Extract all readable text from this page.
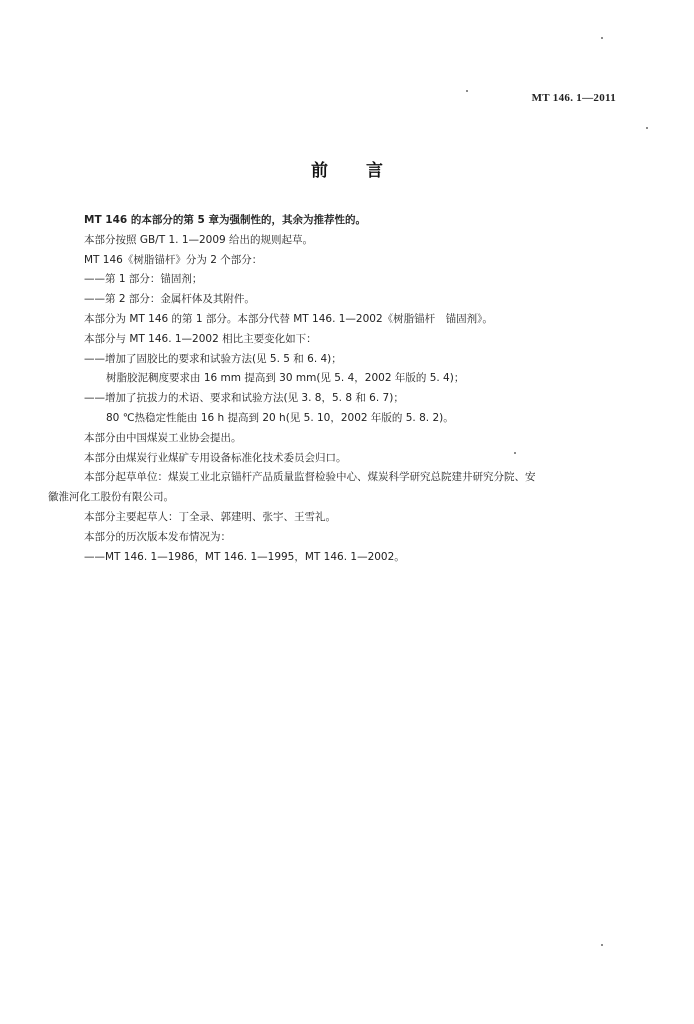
MT 146. 1—2011
前言
MT 146 的本部分的第 5 章为强制性的，其余为推荐性的。
本部分按照 GB/T 1. 1—2009 给出的规则起草。
MT 146《树脂锚杆》分为 2 个部分：
——第 1 部分：锚固剂；
——第 2 部分：金属杆体及其附件。
本部分为 MT 146 的第 1 部分。本部分代替 MT 146. 1—2002《树脂锚杆　锚固剂》。
本部分与 MT 146. 1—2002 相比主要变化如下：
——增加了固胶比的要求和试验方法(见 5. 5 和 6. 4)；
树脂胶泥稠度要求由 16 mm 提高到 30 mm(见 5. 4，2002 年版的 5. 4)；
——增加了抗拔力的术语、要求和试验方法(见 3. 8，5. 8 和 6. 7)；
80 ℃热稳定性能由 16 h 提高到 20 h(见 5. 10，2002 年版的 5. 8. 2)。
本部分由中国煤炭工业协会提出。
本部分由煤炭行业煤矿专用设备标准化技术委员会归口。
本部分起草单位：煤炭工业北京锚杆产品质量监督检验中心、煤炭科学研究总院建井研究分院、安
徽淮河化工股份有限公司。
本部分主要起草人：丁全录、郭建明、张宇、王雪礼。
本部分的历次版本发布情况为：
——MT 146. 1—1986，MT 146. 1—1995，MT 146. 1—2002。
